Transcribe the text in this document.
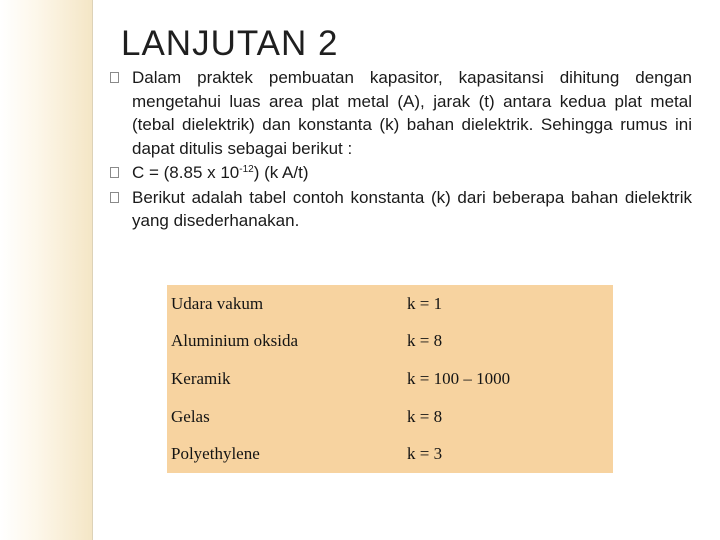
LANJUTAN 2
Dalam praktek pembuatan kapasitor, kapasitansi dihitung dengan mengetahui luas area plat metal (A), jarak (t) antara kedua plat metal (tebal dielektrik) dan konstanta (k) bahan dielektrik. Sehingga rumus ini dapat ditulis sebagai berikut :
C = (8.85 x $10^{-12}$) (k A/t)
Berikut adalah tabel contoh konstanta (k) dari beberapa bahan dielektrik yang disederhanakan.
Udara vakum	k = 1
Aluminium oksida	k = 8
Keramik	k = 100 – 1000
Gelas	k = 8
Polyethylene	k = 3
